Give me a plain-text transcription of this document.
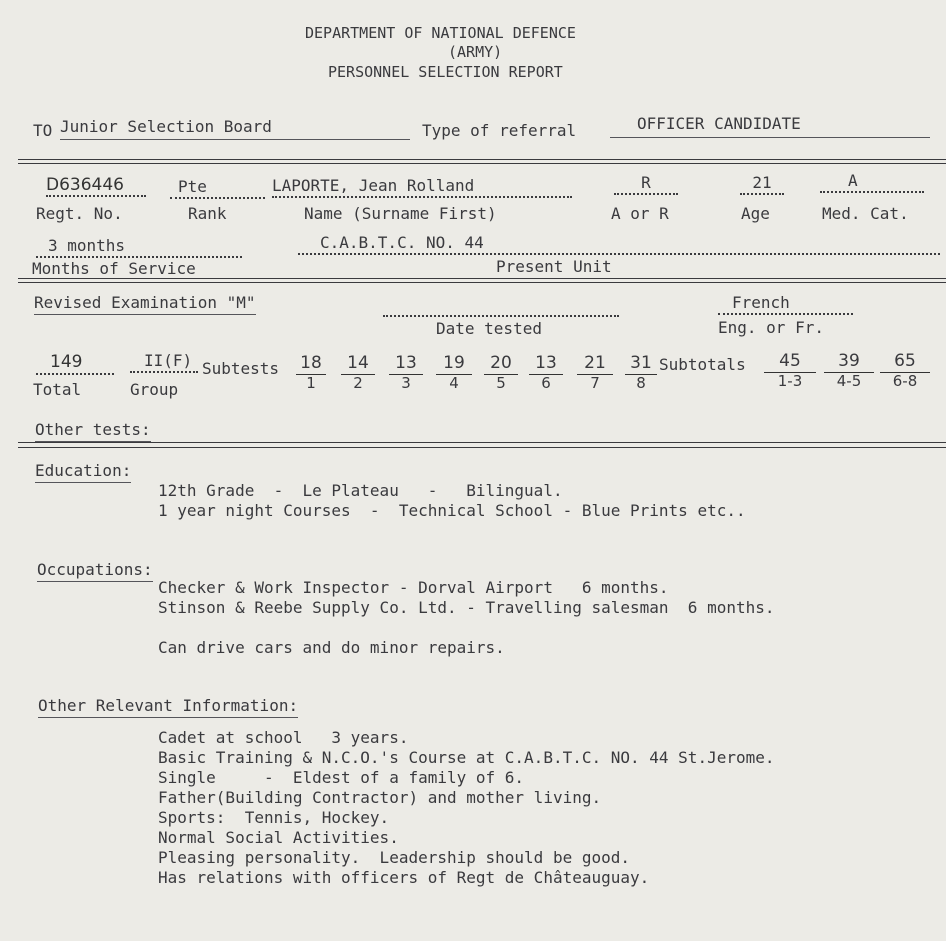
DEPARTMENT OF NATIONAL DEFENCE
(ARMY)
PERSONNEL SELECTION REPORT
TO Junior Selection Board	Type of referral	OFFICER CANDIDATE
D636446
Regt. No.
Pte
Rank
LAPORTE, Jean Rolland
Name (Surname First)
R
A or R
21
Age
A
Med. Cat.
3 months
Months of Service
C.A.B.T.C. NO. 44
Present Unit
Revised Examination "M"
Date tested
French
Eng. or Fr.
149
Total
II(F)
Group
Subtests $\frac{18}{1} \frac{14}{2} \frac{13}{3} \frac{19}{4} \frac{20}{5} \frac{13}{6} \frac{21}{7} \frac{31}{8}$ Subtotals $\frac{45}{1-3} \frac{39}{4-5} \frac{65}{6-8}$
Other tests:
Education:
12th Grade  -  Le Plateau   -   Bilingual.
1 year night Courses  -  Technical School - Blue Prints etc..
Occupations:
Checker & Work Inspector - Dorval Airport   6 months.
Stinson & Reebe Supply Co. Ltd. - Travelling salesman  6 months.
Can drive cars and do minor repairs.
Other Relevant Information:
Cadet at school   3 years.
Basic Training & N.C.O.'s Course at C.A.B.T.C. NO. 44 St.Jerome.
Single     -  Eldest of a family of 6.
Father(Building Contractor) and mother living.
Sports:  Tennis, Hockey.
Normal Social Activities.
Pleasing personality.  Leadership should be good.
Has relations with officers of Regt de Châteauguay.
